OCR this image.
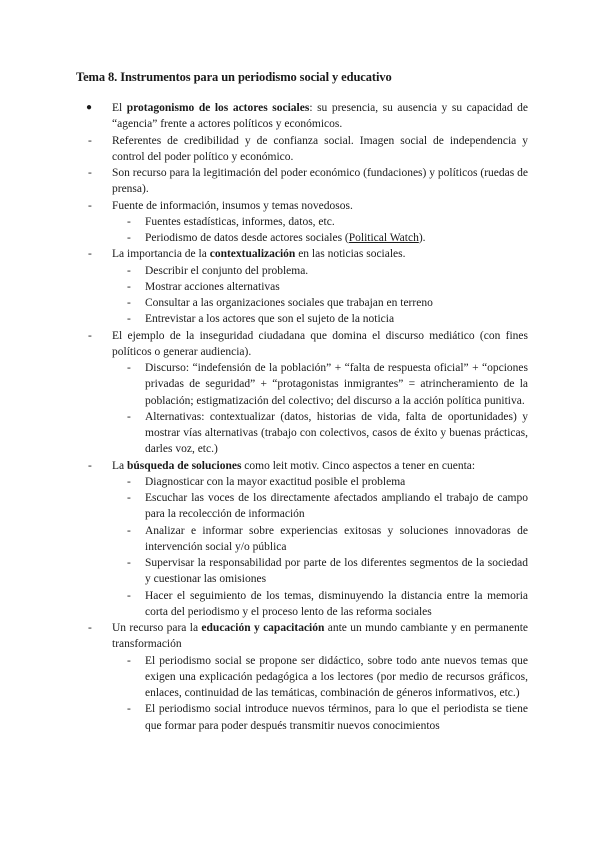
Tema 8. Instrumentos para un periodismo social y educativo
● El protagonismo de los actores sociales: su presencia, su ausencia y su capacidad de “agencia” frente a actores políticos y económicos.

- Referentes de credibilidad y de confianza social. Imagen social de independencia y control del poder político y económico.

- Son recurso para la legitimación del poder económico (fundaciones) y políticos (ruedas de prensa).

- Fuente de información, insumos y temas novedosos.

- Fuentes estadísticas, informes, datos, etc.

- Periodismo de datos desde actores sociales (Political Watch).

- La importancia de la contextualización en las noticias sociales.

- Describir el conjunto del problema.

- Mostrar acciones alternativas

- Consultar a las organizaciones sociales que trabajan en terreno

- Entrevistar a los actores que son el sujeto de la noticia

- El ejemplo de la inseguridad ciudadana que domina el discurso mediático (con fines políticos o generar audiencia).

- Discurso: “indefensión de la población” + “falta de respuesta oficial” + “opciones privadas de seguridad” + “protagonistas inmigrantes” = atrincheramiento de la población; estigmatización del colectivo; del discurso a la acción política punitiva.

- Alternativas: contextualizar (datos, historias de vida, falta de oportunidades) y mostrar vías alternativas (trabajo con colectivos, casos de éxito y buenas prácticas, darles voz, etc.)

- La búsqueda de soluciones como leit motiv. Cinco aspectos a tener en cuenta:

- Diagnosticar con la mayor exactitud posible el problema

- Escuchar las voces de los directamente afectados ampliando el trabajo de campo para la recolección de información

- Analizar e informar sobre experiencias exitosas y soluciones innovadoras de intervención social y/o pública

- Supervisar la responsabilidad por parte de los diferentes segmentos de la sociedad y cuestionar las omisiones

- Hacer el seguimiento de los temas, disminuyendo la distancia entre la memoria corta del periodismo y el proceso lento de las reforma sociales

- Un recurso para la educación y capacitación ante un mundo cambiante y en permanente transformación

- El periodismo social se propone ser didáctico, sobre todo ante nuevos temas que exigen una explicación pedagógica a los lectores (por medio de recursos gráficos, enlaces, continuidad de las temáticas, combinación de géneros informativos, etc.)

- El periodismo social introduce nuevos términos, para lo que el periodista se tiene que formar para poder después transmitir nuevos conocimientos
